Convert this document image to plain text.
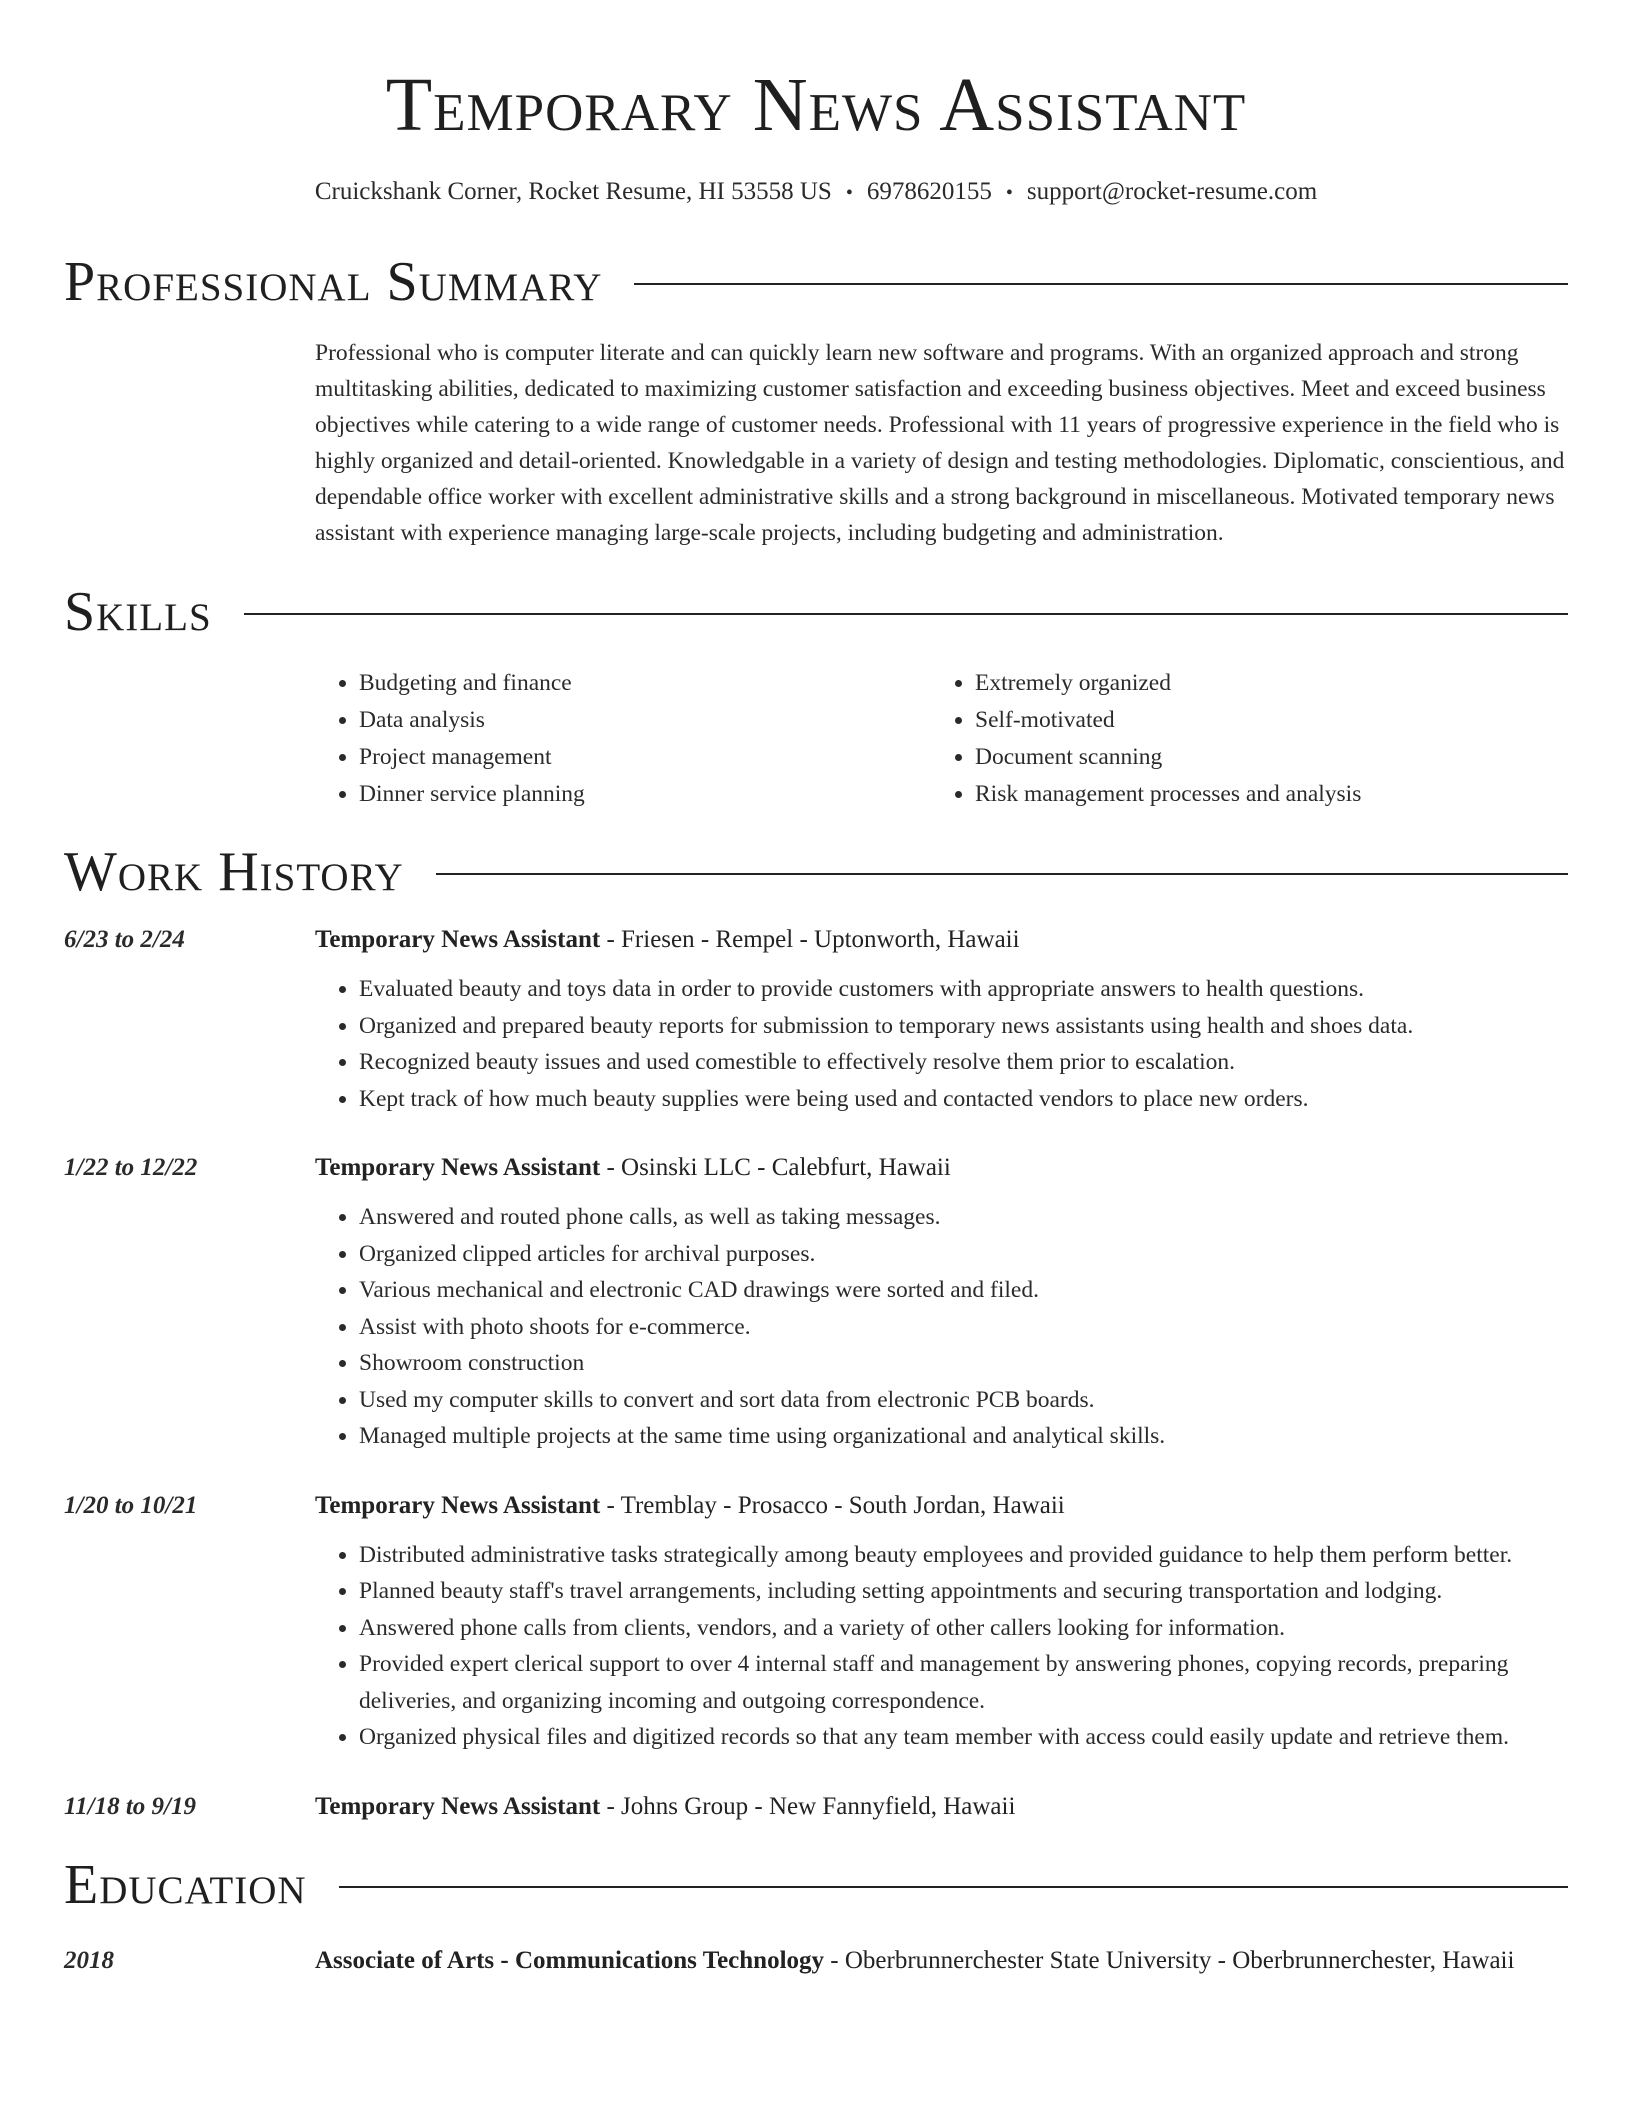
Temporary News Assistant
Cruickshank Corner, Rocket Resume, HI 53558 US • 6978620155 • support@rocket-resume.com
Professional Summary
Professional who is computer literate and can quickly learn new software and programs. With an organized approach and strong multitasking abilities, dedicated to maximizing customer satisfaction and exceeding business objectives. Meet and exceed business objectives while catering to a wide range of customer needs. Professional with 11 years of progressive experience in the field who is highly organized and detail-oriented. Knowledgable in a variety of design and testing methodologies. Diplomatic, conscientious, and dependable office worker with excellent administrative skills and a strong background in miscellaneous. Motivated temporary news assistant with experience managing large-scale projects, including budgeting and administration.
Skills
• Budgeting and finance
• Data analysis
• Project management
• Dinner service planning
• Extremely organized
• Self-motivated
• Document scanning
• Risk management processes and analysis
Work History
6/23 to 2/24	Temporary News Assistant - Friesen - Rempel - Uptonworth, Hawaii
• Evaluated beauty and toys data in order to provide customers with appropriate answers to health questions.
• Organized and prepared beauty reports for submission to temporary news assistants using health and shoes data.
• Recognized beauty issues and used comestible to effectively resolve them prior to escalation.
• Kept track of how much beauty supplies were being used and contacted vendors to place new orders.
1/22 to 12/22	Temporary News Assistant - Osinski LLC - Calebfurt, Hawaii
• Answered and routed phone calls, as well as taking messages.
• Organized clipped articles for archival purposes.
• Various mechanical and electronic CAD drawings were sorted and filed.
• Assist with photo shoots for e-commerce.
• Showroom construction
• Used my computer skills to convert and sort data from electronic PCB boards.
• Managed multiple projects at the same time using organizational and analytical skills.
1/20 to 10/21	Temporary News Assistant - Tremblay - Prosacco - South Jordan, Hawaii
• Distributed administrative tasks strategically among beauty employees and provided guidance to help them perform better.
• Planned beauty staff's travel arrangements, including setting appointments and securing transportation and lodging.
• Answered phone calls from clients, vendors, and a variety of other callers looking for information.
• Provided expert clerical support to over 4 internal staff and management by answering phones, copying records, preparing deliveries, and organizing incoming and outgoing correspondence.
• Organized physical files and digitized records so that any team member with access could easily update and retrieve them.
11/18 to 9/19	Temporary News Assistant - Johns Group - New Fannyfield, Hawaii
Education
2018	Associate of Arts - Communications Technology - Oberbrunnerchester State University - Oberbrunnerchester, Hawaii
